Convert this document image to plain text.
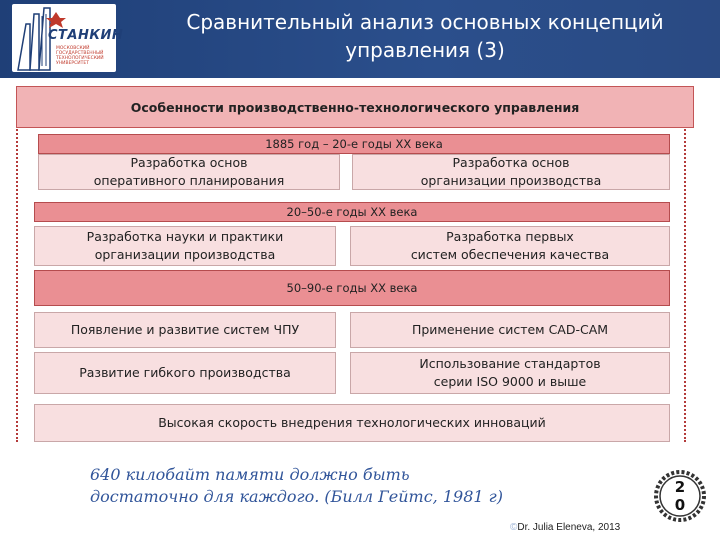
СТАНКИН
МОСКОВСКИЙ ГОСУДАРСТВЕННЫЙ ТЕХНОЛОГИЧЕСКИЙ УНИВЕРСИТЕТ
Сравнительный анализ основных концепций
управления (3)
Особенности производственно-технологического управления
1885 год – 20-е годы ХХ века
Разработка основ
оперативного планирования
Разработка основ
организации производства
20–50-е годы ХХ века
Разработка науки и практики
организации производства
Разработка первых
систем обеспечения качества
50–90-е годы ХХ века
Появление и развитие систем ЧПУ	Применение систем CAD-CAM
Развитие гибкого производства
Использование стандартов
серии ISO 9000 и выше
Высокая скорость внедрения технологических инноваций
640 килобайт памяти должно быть
достаточно для каждого. (Билл Гейтс, 1981 г)	2
0
©Dr. Julia Eleneva, 2013
